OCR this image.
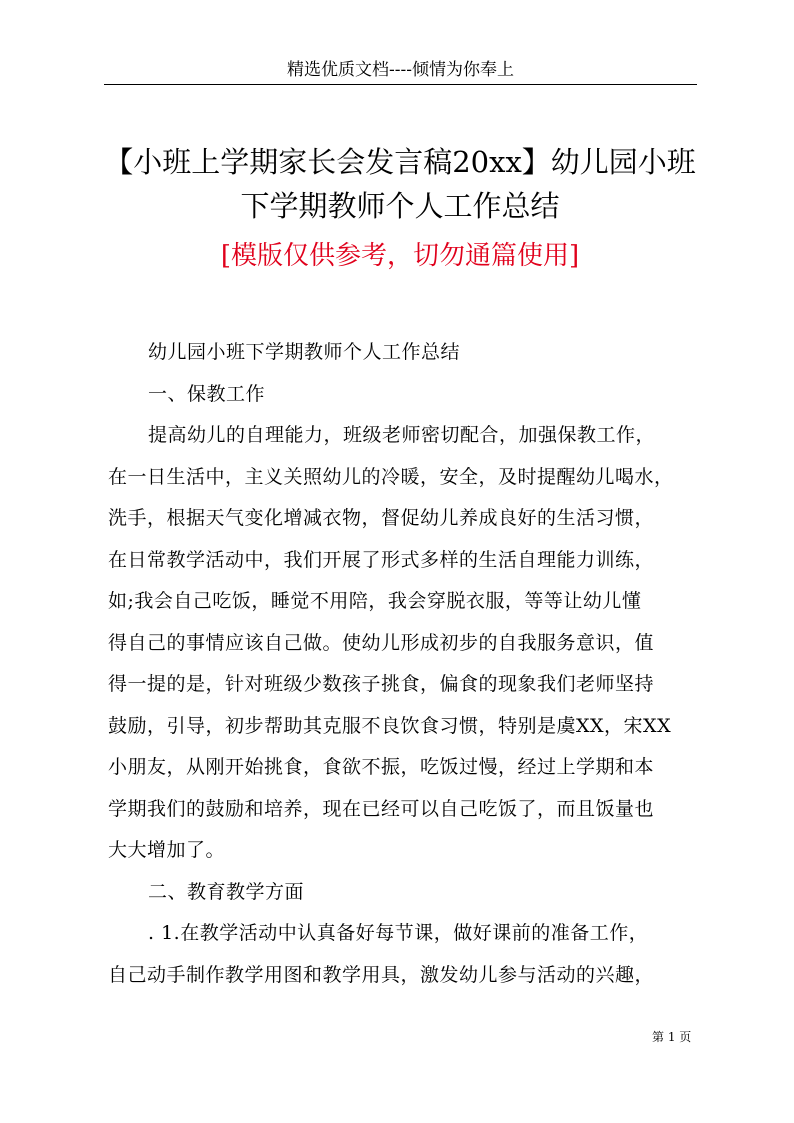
精选优质文档----倾情为你奉上
【小班上学期家长会发言稿20xx】幼儿园小班
下学期教师个人工作总结
[模版仅供参考，切勿通篇使用]

幼儿园小班下学期教师个人工作总结

一、保教工作

提高幼儿的自理能力，班级老师密切配合，加强保教工作，

在一日生活中，主义关照幼儿的冷暖，安全，及时提醒幼儿喝水，

洗手，根据天气变化增减衣物，督促幼儿养成良好的生活习惯，

在日常教学活动中，我们开展了形式多样的生活自理能力训练，

如;我会自己吃饭，睡觉不用陪，我会穿脱衣服，等等让幼儿懂

得自己的事情应该自己做。使幼儿形成初步的自我服务意识，值

得一提的是，针对班级少数孩子挑食，偏食的现象我们老师坚持

鼓励，引导，初步帮助其克服不良饮食习惯，特别是虞XX，宋XX

小朋友，从刚开始挑食，食欲不振，吃饭过慢，经过上学期和本

学期我们的鼓励和培养，现在已经可以自己吃饭了，而且饭量也

大大增加了。

二、教育教学方面

. 1.在教学活动中认真备好每节课，做好课前的准备工作，

自己动手制作教学用图和教学用具，激发幼儿参与活动的兴趣，

第 1 页
